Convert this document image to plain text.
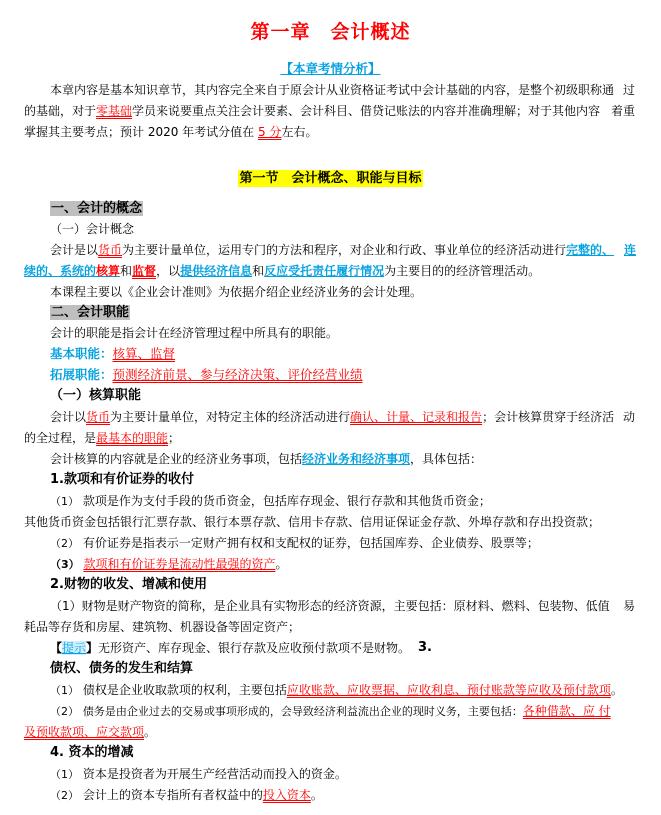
第一章　会计概述
【本章考情分析】
本章内容是基本知识章节，其内容完全来自于原会计从业资格证考试中会计基础的内容，是整个初级职称通 过
的基础，对于零基础学员来说要重点关注会计要素、会计科目、借贷记账法的内容并准确理解；对于其他内容 着重
掌握其主要考点；预计 2020 年考试分值在 5 分左右。
第一节　会计概念、职能与目标
一、会计的概念
（一）会计概念
会计是以货币为主要计量单位，运用专门的方法和程序，对企业和行政、事业单位的经济活动进行完整的、 连
续的、系统的核算和监督，以提供经济信息和反应受托责任履行情况为主要目的的经济管理活动。
本课程主要以《企业会计准则》为依据介绍企业经济业务的会计处理。
二、会计职能
会计的职能是指会计在经济管理过程中所具有的职能。
基本职能：核算、监督
拓展职能：预测经济前景、参与经济决策、评价经营业绩
（一）核算职能
会计以货币为主要计量单位，对特定主体的经济活动进行确认、计量、记录和报告；会计核算贯穿于经济活 动
的全过程，是最基本的职能；
会计核算的内容就是企业的经济业务事项，包括经济业务和经济事项，具体包括：
1.款项和有价证券的收付
（1） 款项是作为支付手段的货币资金，包括库存现金、银行存款和其他货币资金；
其他货币资金包括银行汇票存款、银行本票存款、信用卡存款、信用证保证金存款、外埠存款和存出投资款；
（2） 有价证券是指表示一定财产拥有权和支配权的证券，包括国库券、企业债券、股票等；
（3） 款项和有价证券是流动性最强的资产。
2.财物的收发、增减和使用
（1）财物是财产物资的简称，是企业具有实物形态的经济资源，主要包括：原材料、燃料、包装物、低值 易
耗品等存货和房屋、建筑物、机器设备等固定资产；
【提示】无形资产、库存现金、银行存款及应收预付款项不是财物。 3.
债权、债务的发生和结算
（1） 债权是企业收取款项的权利，主要包括应收账款、应收票据、应收利息、预付账款等应收及预付款项。
（2） 债务是由企业过去的交易或事项形成的，会导致经济利益流出企业的现时义务，主要包括：各种借款、应 付
及预收款项、应交款项。
4. 资本的增减
（1） 资本是投资者为开展生产经营活动而投入的资金。
（2） 会计上的资本专指所有者权益中的投入资本。
